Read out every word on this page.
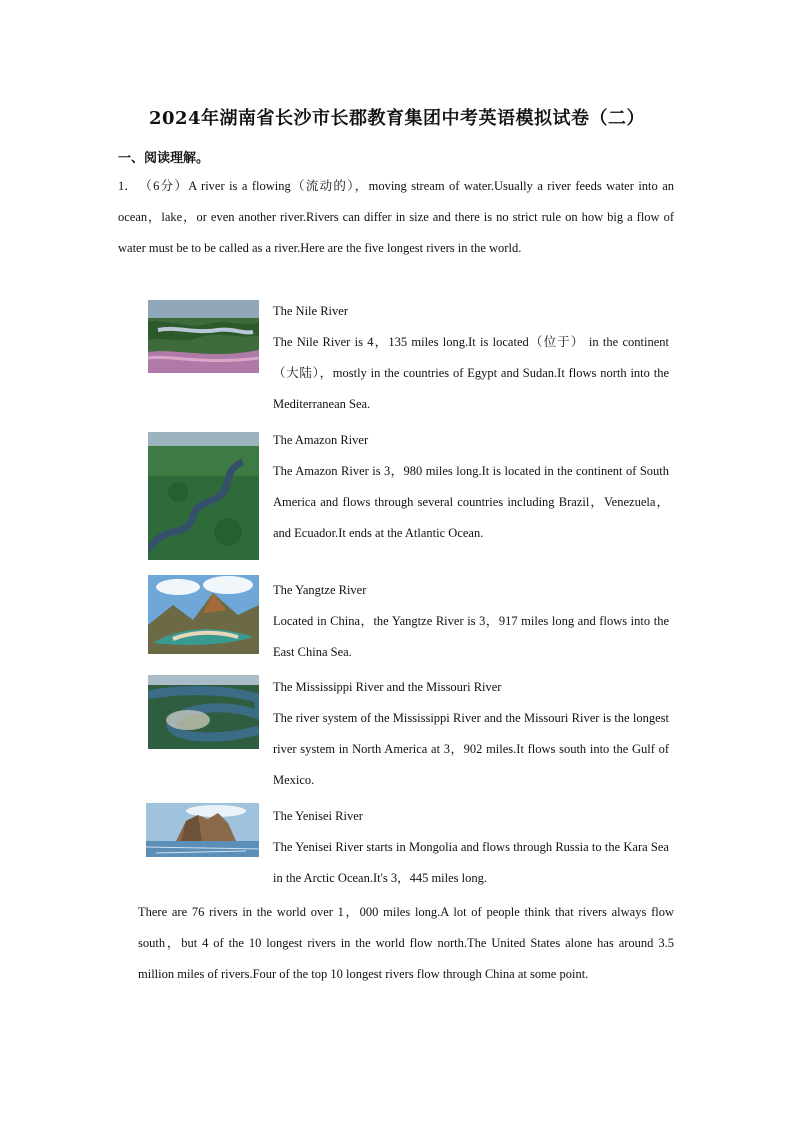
2024年湖南省长沙市长郡教育集团中考英语模拟试卷（二）
一、阅读理解。
1．（6分）A river is a flowing（流动的），moving stream of water.Usually a river feeds water into an ocean，lake，or even another river.Rivers can differ in size and there is no strict rule on how big a flow of water must be to be called as a river.Here are the five longest rivers in the world.
The Nile River
The Nile River is 4，135 miles long.It is located（位于） in the continent（大陆），mostly in the countries of Egypt and Sudan.It flows north into the Mediterranean Sea.
The Amazon River
The Amazon River is 3，980 miles long.It is located in the continent of South America and flows through several countries including Brazil，Venezuela，and Ecuador.It ends at the Atlantic Ocean.
The Yangtze River
Located in China，the Yangtze River is 3，917 miles long and flows into the East China Sea.
The Mississippi River and the Missouri River
The river system of the Mississippi River and the Missouri River is the longest river system in North America at 3，902 miles.It flows south into the Gulf of Mexico.
The Yenisei River
The Yenisei River starts in Mongolia and flows through Russia to the Kara Sea in the Arctic Ocean.It's 3，445 miles long.
There are 76 rivers in the world over 1，000 miles long.A lot of people think that rivers always flow south，but 4 of the 10 longest rivers in the world flow north.The United States alone has around 3.5 million miles of rivers.Four of the top 10 longest rivers flow through China at some point.
